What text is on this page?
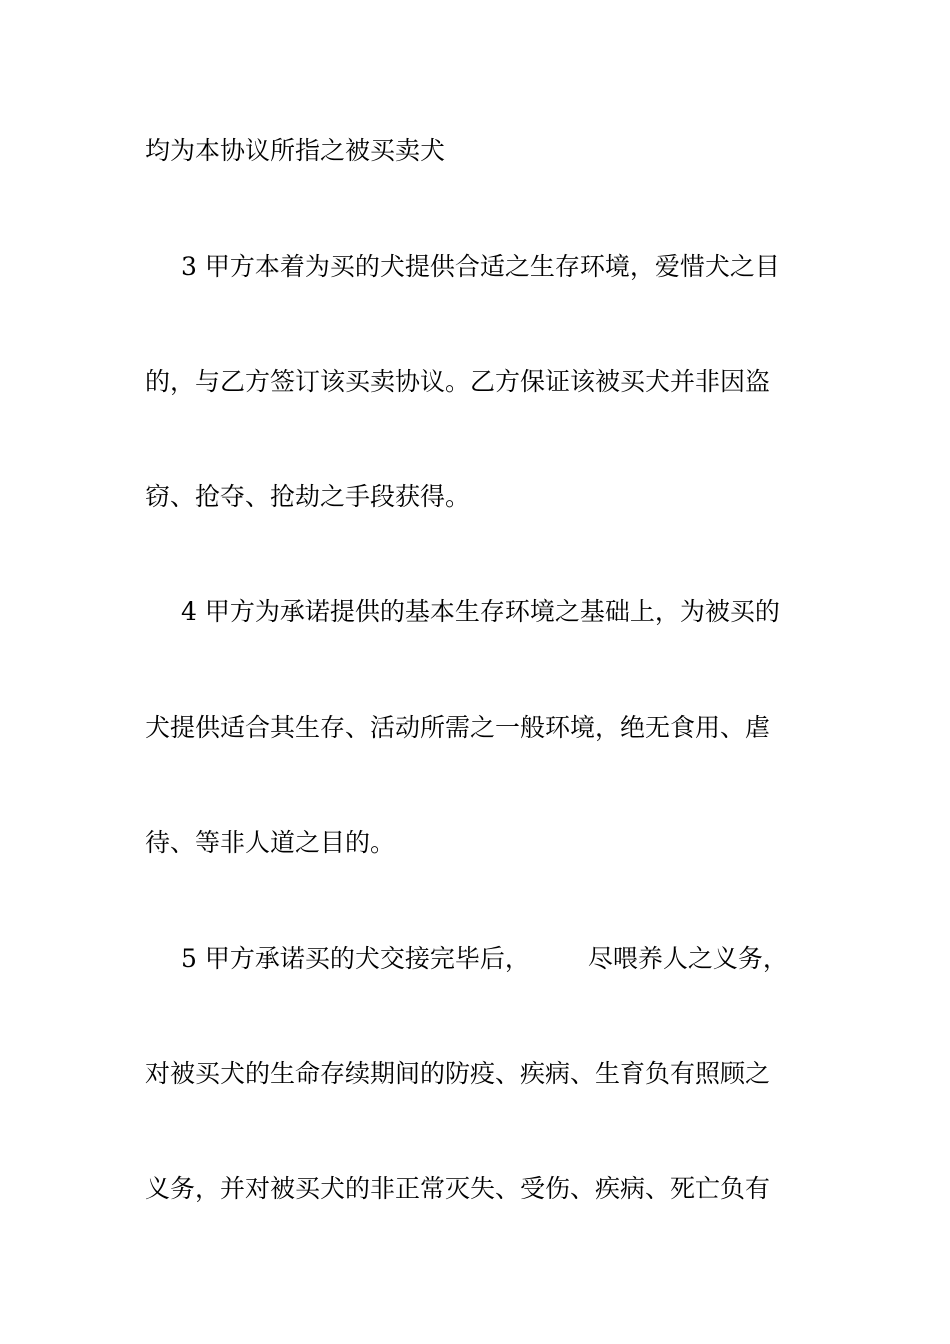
均为本协议所指之被买卖犬
3 甲方本着为买的犬提供合适之生存环境，爱惜犬之目
的，与乙方签订该买卖协议。乙方保证该被买犬并非因盗
窃、抢夺、抢劫之手段获得。
4 甲方为承诺提供的基本生存环境之基础上，为被买的
犬提供适合其生存、活动所需之一般环境，绝无食用、虐
待、等非人道之目的。
5 甲方承诺买的犬交接完毕后， 尽喂养人之义务，
对被买犬的生命存续期间的防疫、疾病、生育负有照顾之
义务，并对被买犬的非正常灭失、受伤、疾病、死亡负有
